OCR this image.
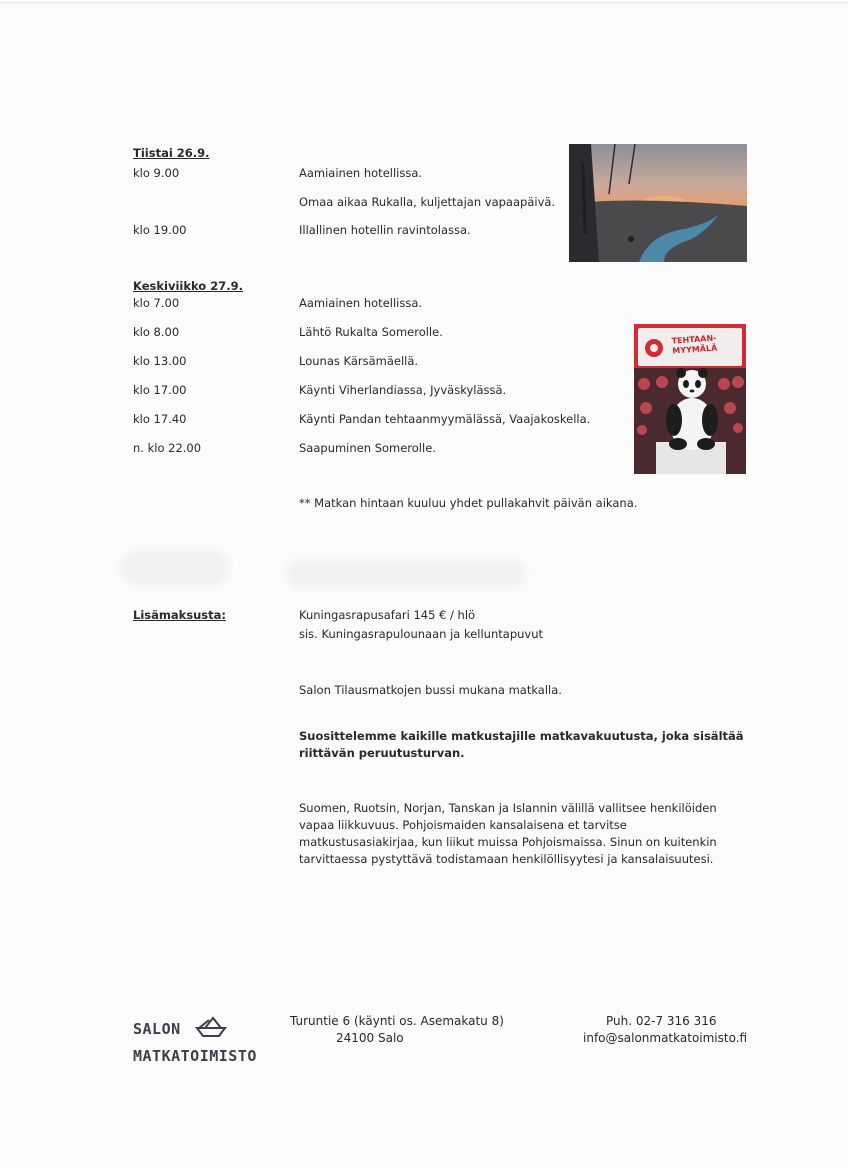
Tiistai 26.9.
klo 9.00	Aamiainen hotellissa.
Omaa aikaa Rukalla, kuljettajan vapaapäivä.
klo 19.00	Illallinen hotellin ravintolassa.
Keskiviikko 27.9.
klo 7.00	Aamiainen hotellissa.
klo 8.00	Lähtö Rukalta Somerolle.
klo 13.00	Lounas Kärsämäellä.
klo 17.00	Käynti Viherlandiassa, Jyväskylässä.
klo 17.40	Käynti Pandan tehtaanmyymälässä, Vaajakoskella.
n. klo 22.00	Saapuminen Somerolle.
TEHTAAN-
MYYMÄLÄ
** Matkan hintaan kuuluu yhdet pullakahvit päivän aikana.
Lisämaksusta:	Kuningasrapusafari 145 € / hlö
sis. Kuningasrapulounaan ja kelluntapuvut
Salon Tilausmatkojen bussi mukana matkalla.
Suosittelemme kaikille matkustajille matkavakuutusta, joka sisältää riittävän peruutusturvan.
Suomen, Ruotsin, Norjan, Tanskan ja Islannin välillä vallitsee henkilöiden vapaa liikkuvuus. Pohjoismaiden kansalaisena et tarvitse matkustusasiakirjaa, kun liikut muissa Pohjoismaissa. Sinun on kuitenkin tarvittaessa pystyttävä todistamaan henkilöllisyytesi ja kansalaisuutesi.
SALON
MATKATOIMISTO
Turuntie 6 (käynti os. Asemakatu 8)
24100 Salo
Puh. 02-7 316 316
info@salonmatkatoimisto.fi
